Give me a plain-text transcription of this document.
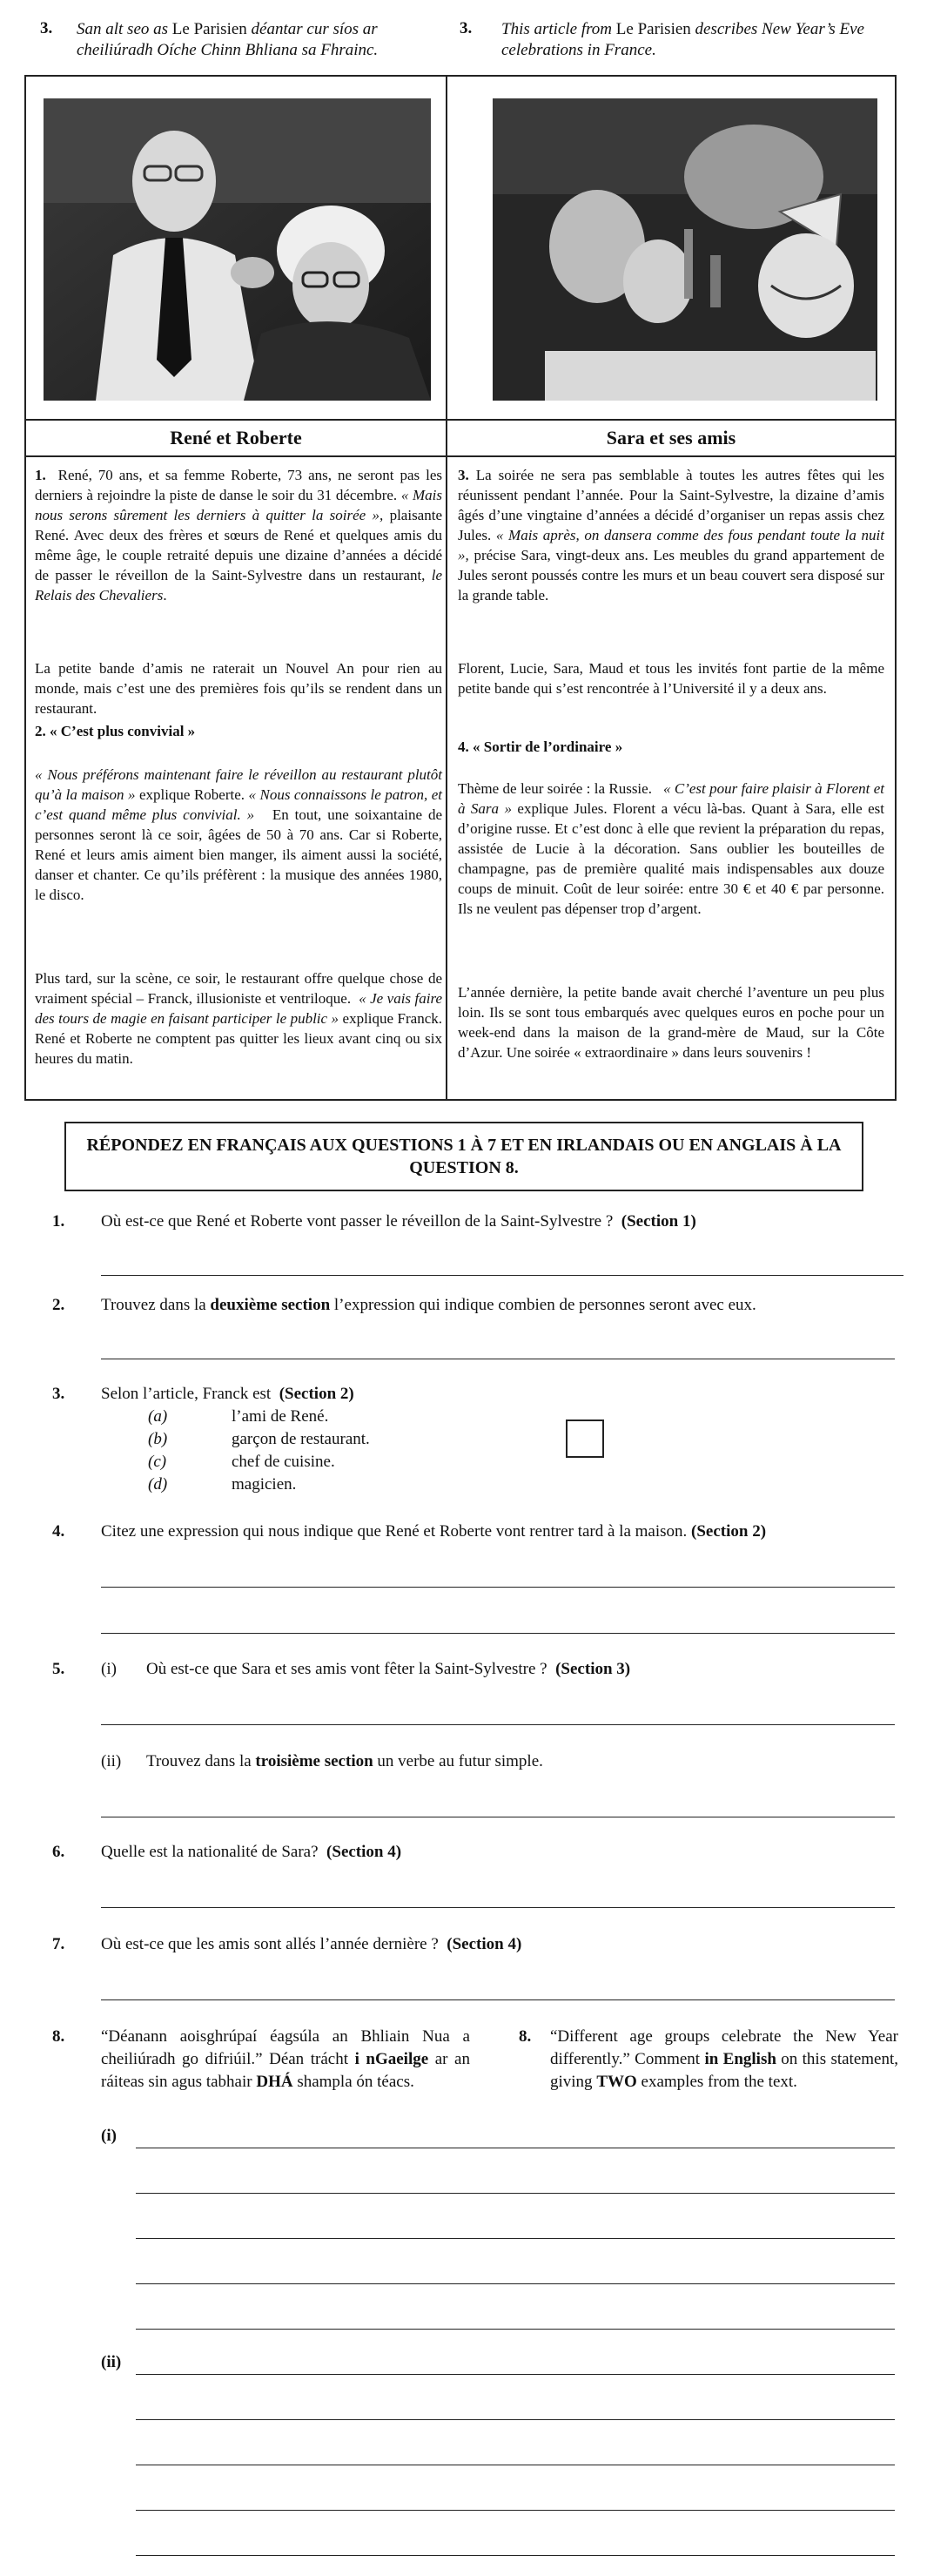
3. San alt seo as Le Parisien déantar cur síos ar cheiliúradh Oíche Chinn Bhliana sa Fhrainc.
3. This article from Le Parisien describes New Year’s Eve celebrations in France.
René et Roberte	Sara et ses amis
1. René, 70 ans, et sa femme Roberte, 73 ans, ne seront pas les derniers à rejoindre la piste de danse le soir du 31 décembre. « Mais nous serons sûrement les derniers à quitter la soirée », plaisante René. Avec deux des frères et sœurs de René et quelques amis du même âge, le couple retraité depuis une dizaine d’années a décidé de passer le réveillon de la Saint-Sylvestre dans un restaurant, le Relais des Chevaliers.
La petite bande d’amis ne raterait un Nouvel An pour rien au monde, mais c’est une des premières fois qu’ils se rendent dans un restaurant.
2. « C’est plus convivial »
« Nous préférons maintenant faire le réveillon au restaurant plutôt qu’à la maison » explique Roberte. « Nous connaissons le patron, et c’est quand même plus convivial. » En tout, une soixantaine de personnes seront là ce soir, âgées de 50 à 70 ans. Car si Roberte, René et leurs amis aiment bien manger, ils aiment aussi la société, danser et chanter. Ce qu’ils préfèrent : la musique des années 1980, le disco.
Plus tard, sur la scène, ce soir, le restaurant offre quelque chose de vraiment spécial – Franck, illusioniste et ventriloque. « Je vais faire des tours de magie en faisant participer le public » explique Franck. René et Roberte ne comptent pas quitter les lieux avant cinq ou six heures du matin.
3. La soirée ne sera pas semblable à toutes les autres fêtes qui les réunissent pendant l’année. Pour la Saint-Sylvestre, la dizaine d’amis âgés d’une vingtaine d’années a décidé d’organiser un repas assis chez Jules. « Mais après, on dansera comme des fous pendant toute la nuit », précise Sara, vingt-deux ans. Les meubles du grand appartement de Jules seront poussés contre les murs et un beau couvert sera disposé sur la grande table.
Florent, Lucie, Sara, Maud et tous les invités font partie de la même petite bande qui s’est rencontrée à l’Université il y a deux ans.
4. « Sortir de l’ordinaire »
Thème de leur soirée : la Russie. « C’est pour faire plaisir à Florent et à Sara » explique Jules. Florent a vécu là-bas. Quant à Sara, elle est d’origine russe. Et c’est donc à elle que revient la préparation du repas, assistée de Lucie à la décoration. Sans oublier les bouteilles de champagne, pas de première qualité mais indispensables aux douze coups de minuit. Coût de leur soirée: entre 30 € et 40 € par personne. Ils ne veulent pas dépenser trop d’argent.
L’année dernière, la petite bande avait cherché l’aventure un peu plus loin. Ils se sont tous embarqués avec quelques euros en poche pour un week-end dans la maison de la grand-mère de Maud, sur la Côte d’Azur. Une soirée « extraordinaire » dans leurs souvenirs !
RÉPONDEZ EN FRANÇAIS AUX QUESTIONS 1 À 7 ET EN IRLANDAIS OU EN ANGLAIS À LA QUESTION 8.
1. Où est-ce que René et Roberte vont passer le réveillon de la Saint-Sylvestre ? (Section 1)
2. Trouvez dans la deuxième section l’expression qui indique combien de personnes seront avec eux.
3. Selon l’article, Franck est (Section 2)
(a)	l’ami de René.
(b)	garçon de restaurant.
(c)	chef de cuisine.
(d)	magicien.
4. Citez une expression qui nous indique que René et Roberte vont rentrer tard à la maison. (Section 2)
5. (i) Où est-ce que Sara et ses amis vont fêter la Saint-Sylvestre ? (Section 3)
(ii) Trouvez dans la troisième section un verbe au futur simple.
6. Quelle est la nationalité de Sara? (Section 4)
7. Où est-ce que les amis sont allés l’année dernière ? (Section 4)
8. “Déanann aoisghrúpaí éagsúla an Bhliain Nua a cheiliúradh go difriúil.” Déan trácht i nGaeilge ar an ráiteas sin agus tabhair DHÁ shampla ón téacs.
8. “Different age groups celebrate the New Year differently.” Comment in English on this statement, giving TWO examples from the text.
(i)
(ii)
